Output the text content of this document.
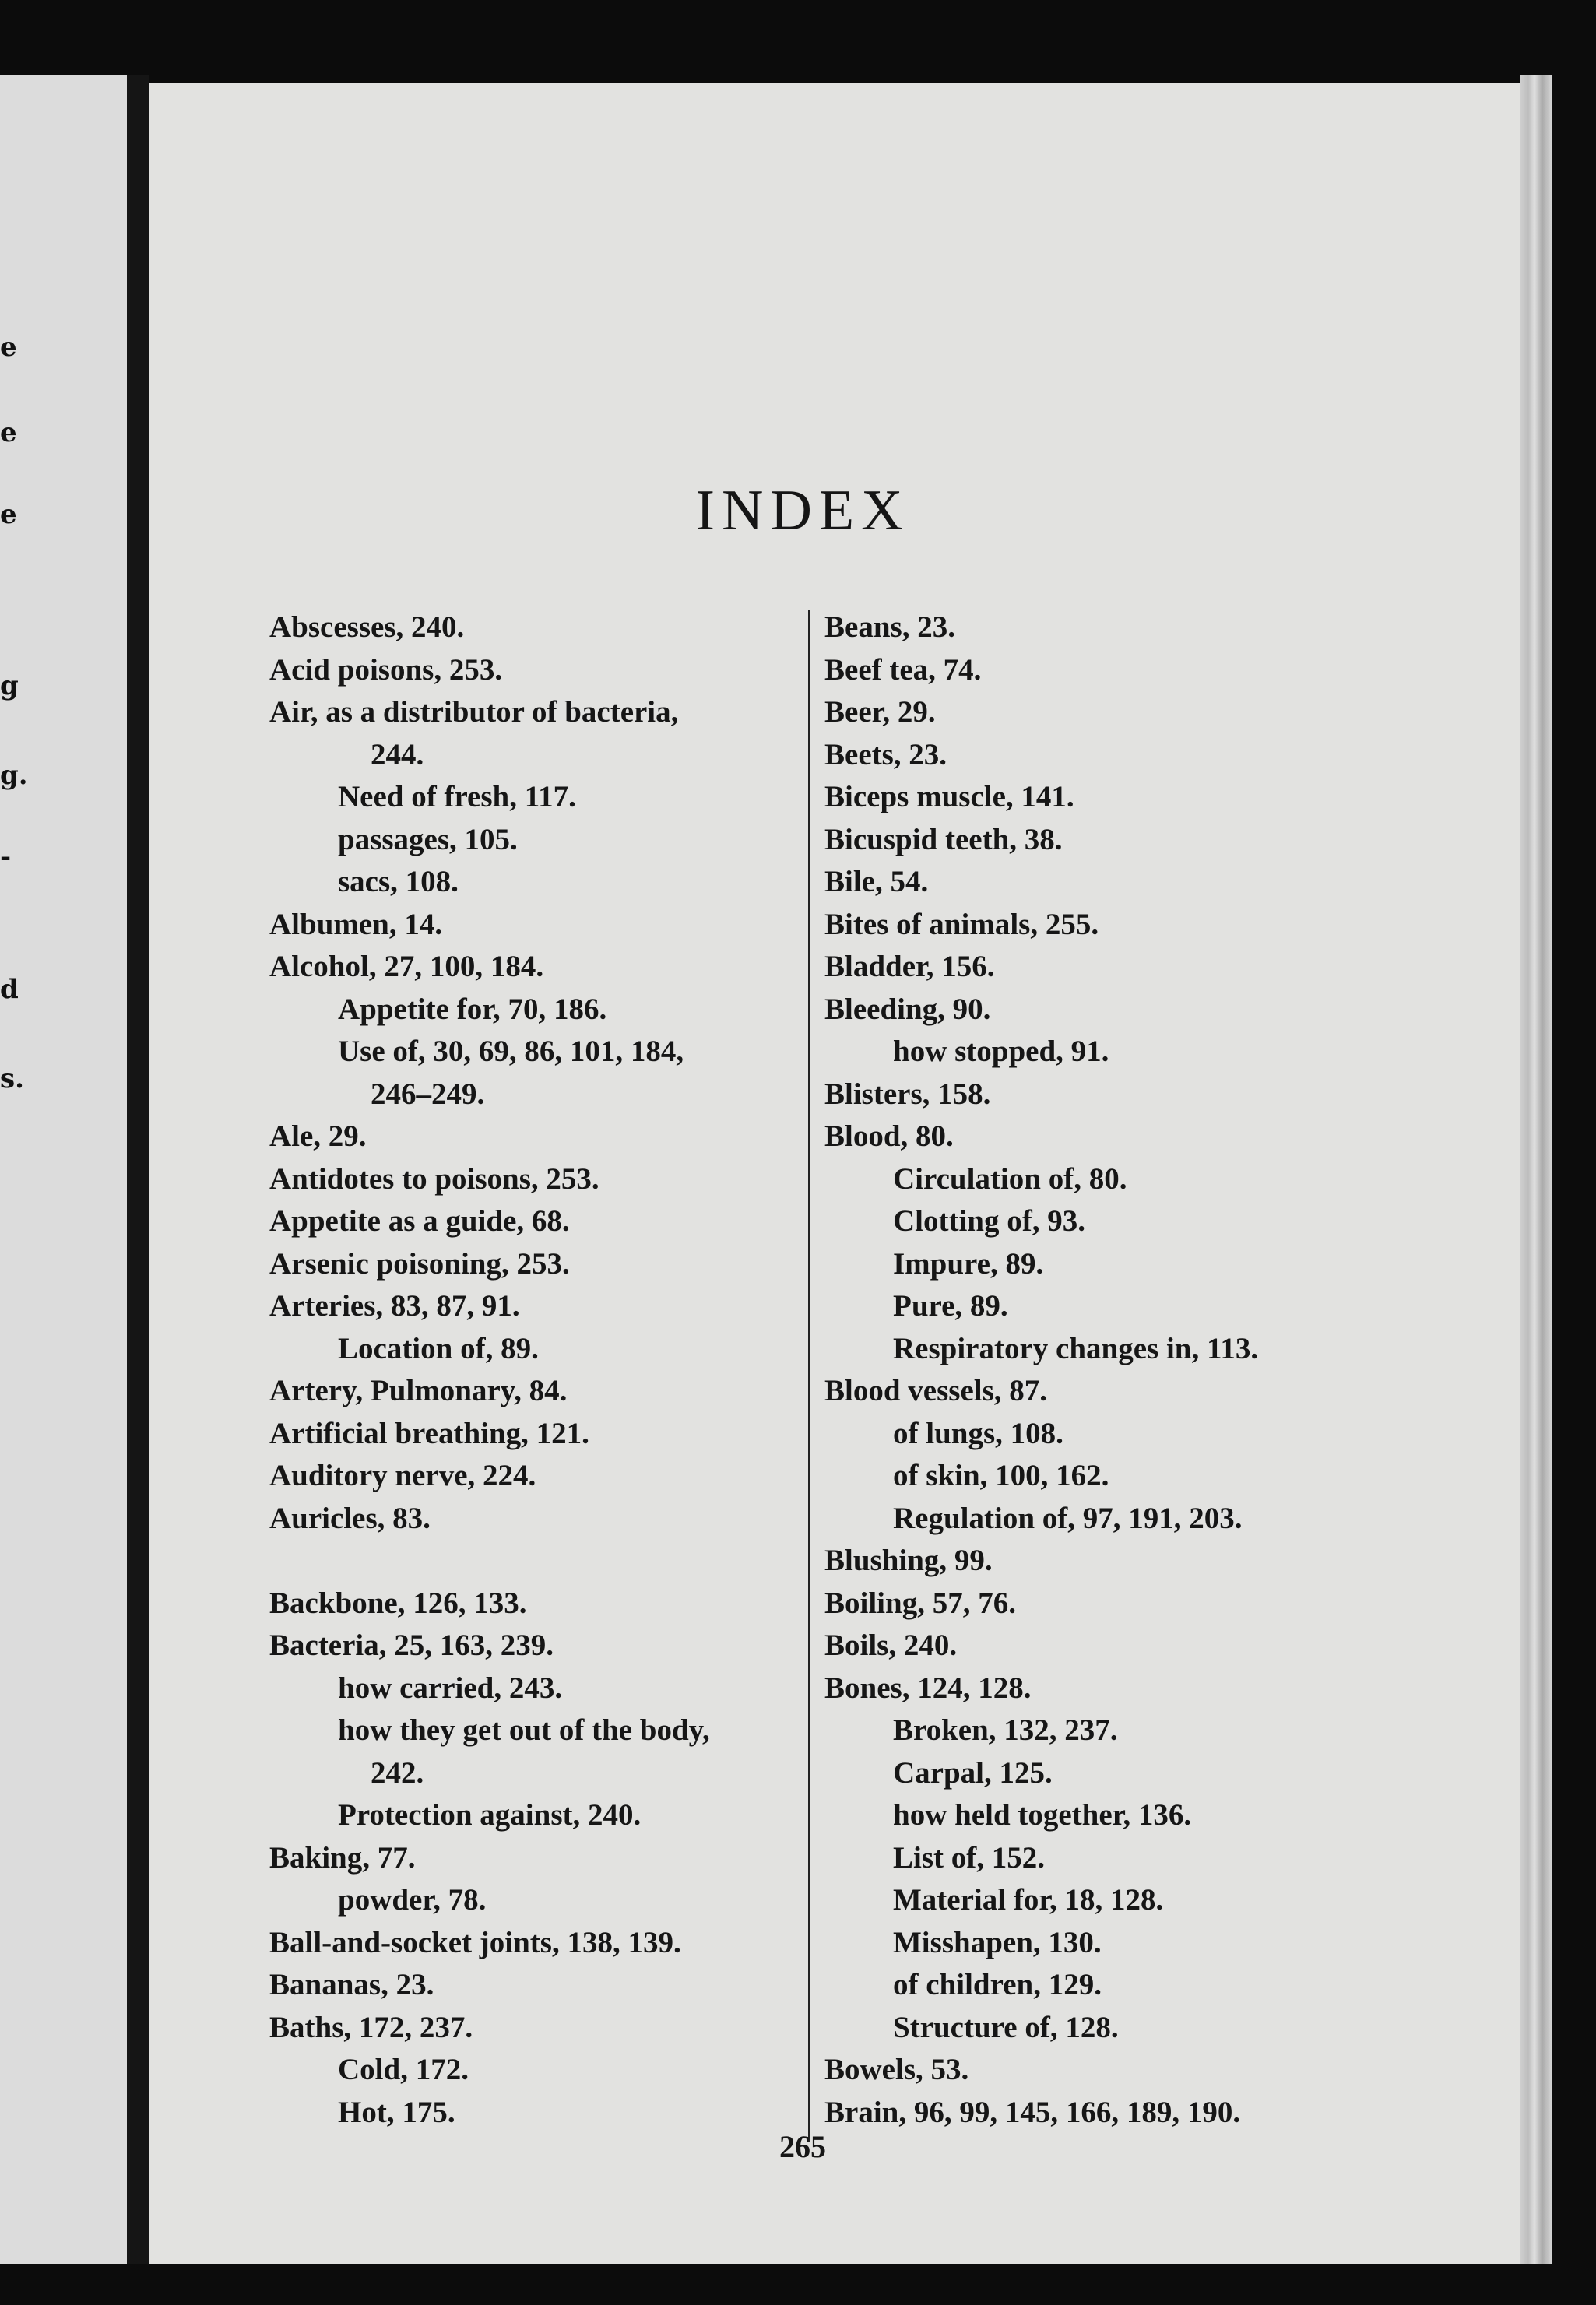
e
e
e
g
g.
-
d
s.
INDEX
Abscesses, 240.
Acid poisons, 253.
Air, as a distributor of bacteria,
244.
Need of fresh, 117.
passages, 105.
sacs, 108.
Albumen, 14.
Alcohol, 27, 100, 184.
Appetite for, 70, 186.
Use of, 30, 69, 86, 101, 184,
246–249.
Ale, 29.
Antidotes to poisons, 253.
Appetite as a guide, 68.
Arsenic poisoning, 253.
Arteries, 83, 87, 91.
Location of, 89.
Artery, Pulmonary, 84.
Artificial breathing, 121.
Auditory nerve, 224.
Auricles, 83.
Backbone, 126, 133.
Bacteria, 25, 163, 239.
how carried, 243.
how they get out of the body,
242.
Protection against, 240.
Baking, 77.
powder, 78.
Ball-and-socket joints, 138, 139.
Bananas, 23.
Baths, 172, 237.
Cold, 172.
Hot, 175.
Beans, 23.
Beef tea, 74.
Beer, 29.
Beets, 23.
Biceps muscle, 141.
Bicuspid teeth, 38.
Bile, 54.
Bites of animals, 255.
Bladder, 156.
Bleeding, 90.
how stopped, 91.
Blisters, 158.
Blood, 80.
Circulation of, 80.
Clotting of, 93.
Impure, 89.
Pure, 89.
Respiratory changes in, 113.
Blood vessels, 87.
of lungs, 108.
of skin, 100, 162.
Regulation of, 97, 191, 203.
Blushing, 99.
Boiling, 57, 76.
Boils, 240.
Bones, 124, 128.
Broken, 132, 237.
Carpal, 125.
how held together, 136.
List of, 152.
Material for, 18, 128.
Misshapen, 130.
of children, 129.
Structure of, 128.
Bowels, 53.
Brain, 96, 99, 145, 166, 189, 190.
265
